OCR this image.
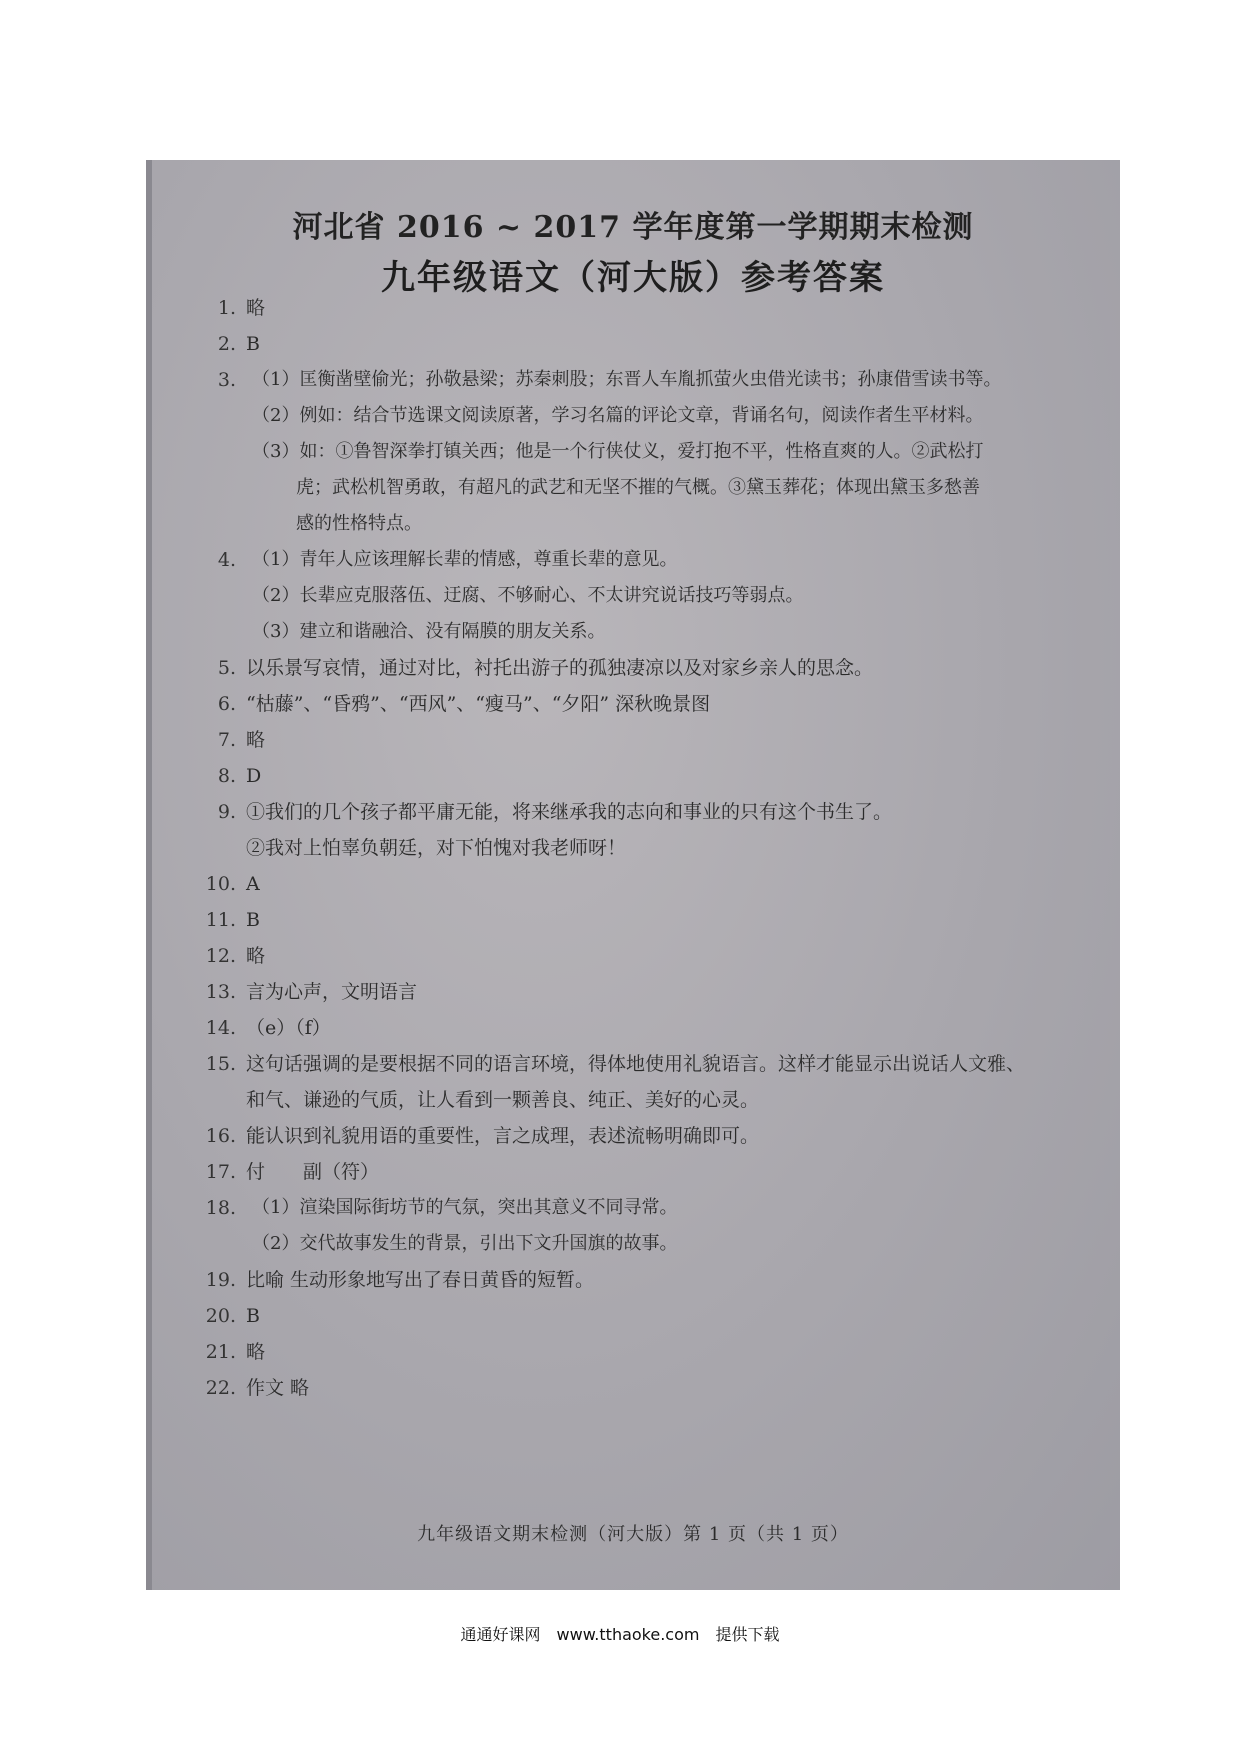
河北省 2016 ~ 2017 学年度第一学期期末检测
九年级语文（河大版）参考答案
1. 略
2. B
3. （1）匡衡凿壁偷光；孙敬悬梁；苏秦刺股；东晋人车胤抓萤火虫借光读书；孙康借雪读书等。
（2）例如：结合节选课文阅读原著，学习名篇的评论文章，背诵名句，阅读作者生平材料。
（3）如：①鲁智深拳打镇关西；他是一个行侠仗义，爱打抱不平，性格直爽的人。②武松打
虎；武松机智勇敢，有超凡的武艺和无坚不摧的气概。③黛玉葬花；体现出黛玉多愁善
感的性格特点。
4. （1）青年人应该理解长辈的情感，尊重长辈的意见。
（2）长辈应克服落伍、迂腐、不够耐心、不太讲究说话技巧等弱点。
（3）建立和谐融洽、没有隔膜的朋友关系。
5. 以乐景写哀情，通过对比，衬托出游子的孤独凄凉以及对家乡亲人的思念。
6. “枯藤”、“昏鸦”、“西风”、“瘦马”、“夕阳” 深秋晚景图
7. 略
8. D
9. ①我们的几个孩子都平庸无能，将来继承我的志向和事业的只有这个书生了。
②我对上怕辜负朝廷，对下怕愧对我老师呀！
10. A
11. B
12. 略
13. 言为心声，文明语言
14. （e）（f）
15. 这句话强调的是要根据不同的语言环境，得体地使用礼貌语言。这样才能显示出说话人文雅、
和气、谦逊的气质，让人看到一颗善良、纯正、美好的心灵。
16. 能认识到礼貌用语的重要性，言之成理，表述流畅明确即可。
17. 付　　副（符）
18. （1）渲染国际街坊节的气氛，突出其意义不同寻常。
（2）交代故事发生的背景，引出下文升国旗的故事。
19. 比喻 生动形象地写出了春日黄昏的短暂。
20. B
21. 略
22. 作文 略
九年级语文期末检测（河大版）第 1 页（共 1 页）
通通好课网　www.tthaoke.com　提供下载
